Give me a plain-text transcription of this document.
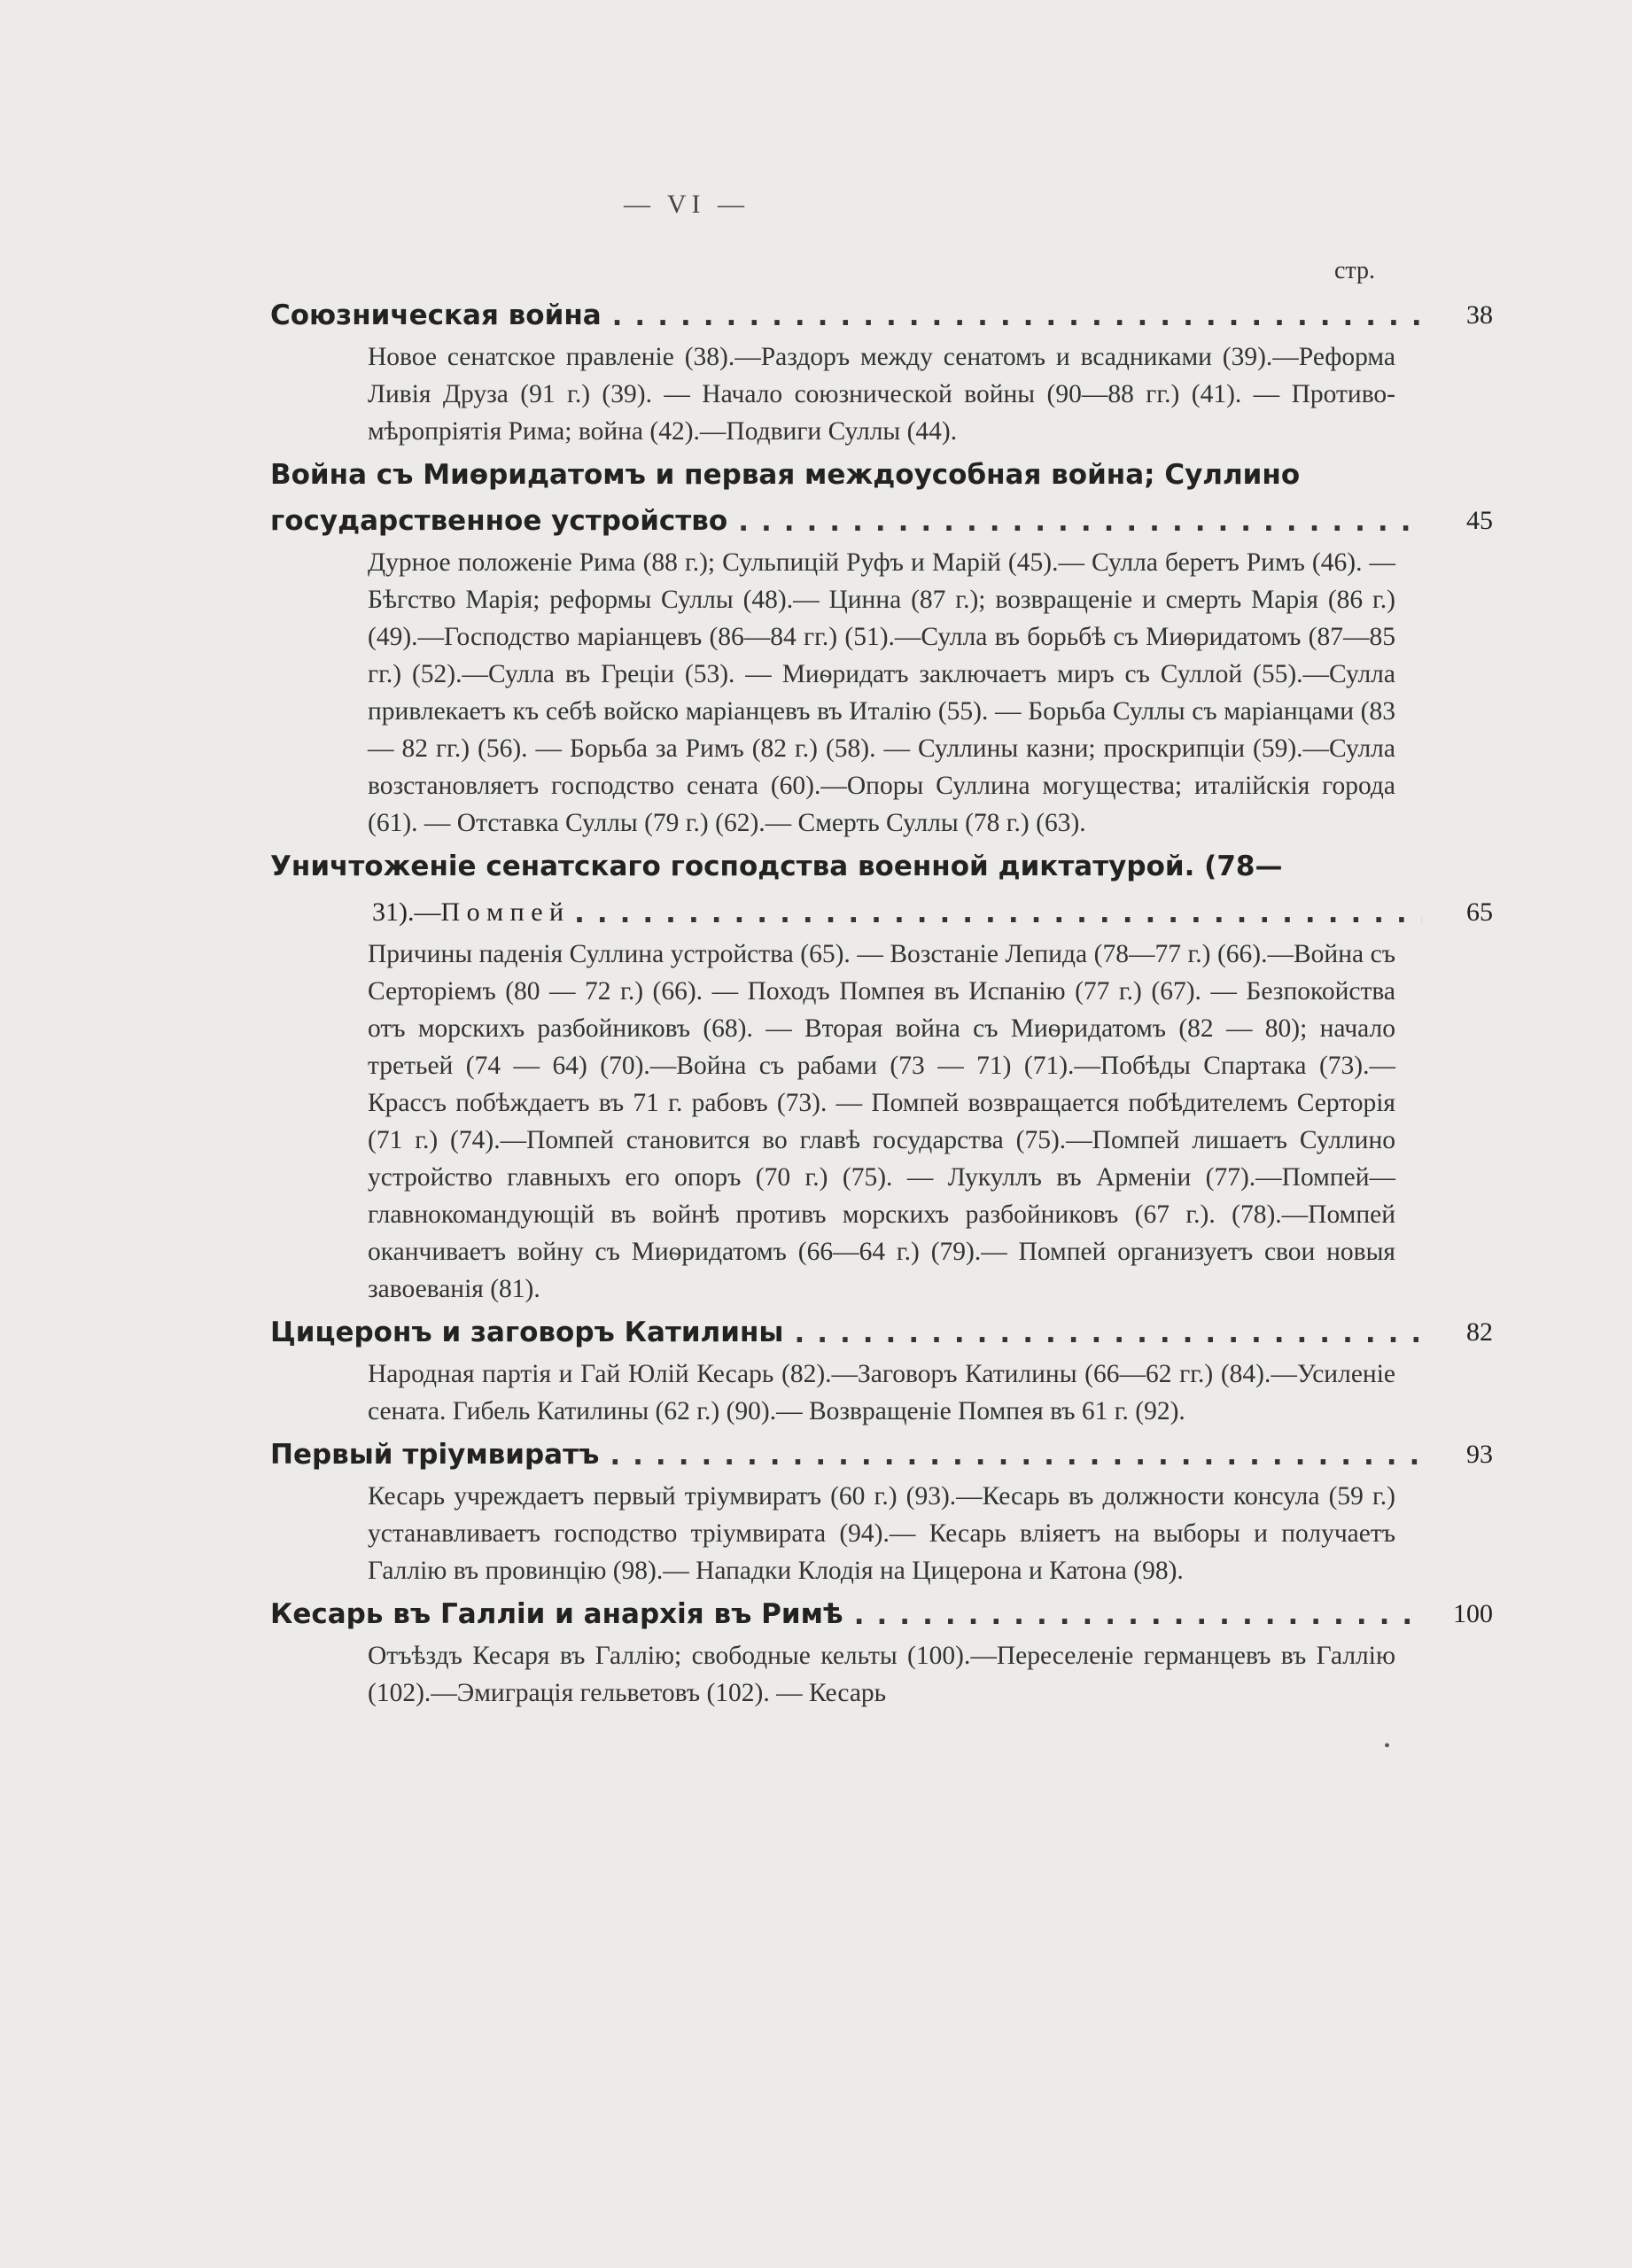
— VI —
стр.
Союзническая война .....	38
Новое сенатское правленіе (38).—Раздоръ между сенатомъ и всадниками (39).—Реформа Ливія Друза (91 г.) (39). — Начало союзнической войны (90—88 гг.) (41). — Противо-мѣропріятія Рима; война (42).—Подвиги Суллы (44).
Война съ Миѳридатомъ и первая междоусобная война; Суллино
государственное устройство .....	45
Дурное положеніе Рима (88 г.); Сульпицій Руфъ и Марій (45).— Сулла беретъ Римъ (46). — Бѣгство Марія; реформы Суллы (48).— Цинна (87 г.); возвращеніе и смерть Марія (86 г.) (49).—Господство маріанцевъ (86—84 гг.) (51).—Сулла въ борьбѣ съ Миѳридатомъ (87—85 гг.) (52).—Сулла въ Греціи (53). — Миѳридатъ заключаетъ миръ съ Суллой (55).—Сулла привлекаетъ къ себѣ войско маріанцевъ въ Италію (55). — Борьба Суллы съ маріанцами (83 — 82 гг.) (56). — Борьба за Римъ (82 г.) (58). — Суллины казни; проскрипціи (59).—Сулла возстановляетъ господство сената (60).—Опоры Суллина могущества; италійскія города (61). — Отставка Суллы (79 г.) (62).— Смерть Суллы (78 г.) (63).
Уничтоженіе сенатскаго господства военной диктатурой. (78—
31).—П о м п е й .....	65
Причины паденія Суллина устройства (65). — Возстаніе Лепида (78—77 г.) (66).—Война съ Серторіемъ (80 — 72 г.) (66). — Походъ Помпея въ Испанію (77 г.) (67). — Безпокойства отъ морскихъ разбойниковъ (68). — Вторая война съ Миѳридатомъ (82 — 80); начало третьей (74 — 64) (70).—Война съ рабами (73 — 71) (71).—Побѣды Спартака (73).—Крассъ побѣждаетъ въ 71 г. рабовъ (73). — Помпей возвращается побѣдителемъ Серторія (71 г.) (74).—Помпей становится во главѣ государства (75).—Помпей лишаетъ Суллино устройство главныхъ его опоръ (70 г.) (75). — Лукуллъ въ Арменіи (77).—Помпей— главнокомандующій въ войнѣ противъ морскихъ разбойниковъ (67 г.). (78).—Помпей оканчиваетъ войну съ Миѳридатомъ (66—64 г.) (79).— Помпей организуетъ свои новыя завоеванія (81).
Цицеронъ и заговоръ Катилины .....	82
Народная партія и Гай Юлій Кесарь (82).—Заговоръ Катилины (66—62 гг.) (84).—Усиленіе сената. Гибель Катилины (62 г.) (90).— Возвращеніе Помпея въ 61 г. (92).
Первый тріумвиратъ .....	93
Кесарь учреждаетъ первый тріумвиратъ (60 г.) (93).—Кесарь въ должности консула (59 г.) устанавливаетъ господство тріумвирата (94).— Кесарь вліяетъ на выборы и получаетъ Галлію въ провинцію (98).— Нападки Клодія на Цицерона и Катона (98).
Кесарь въ Галліи и анархія въ Римѣ .....	100
Отъѣздъ Кесаря въ Галлію; свободные кельты (100).—Переселеніе германцевъ въ Галлію (102).—Эмиграція гельветовъ (102). — Кесарь
•
